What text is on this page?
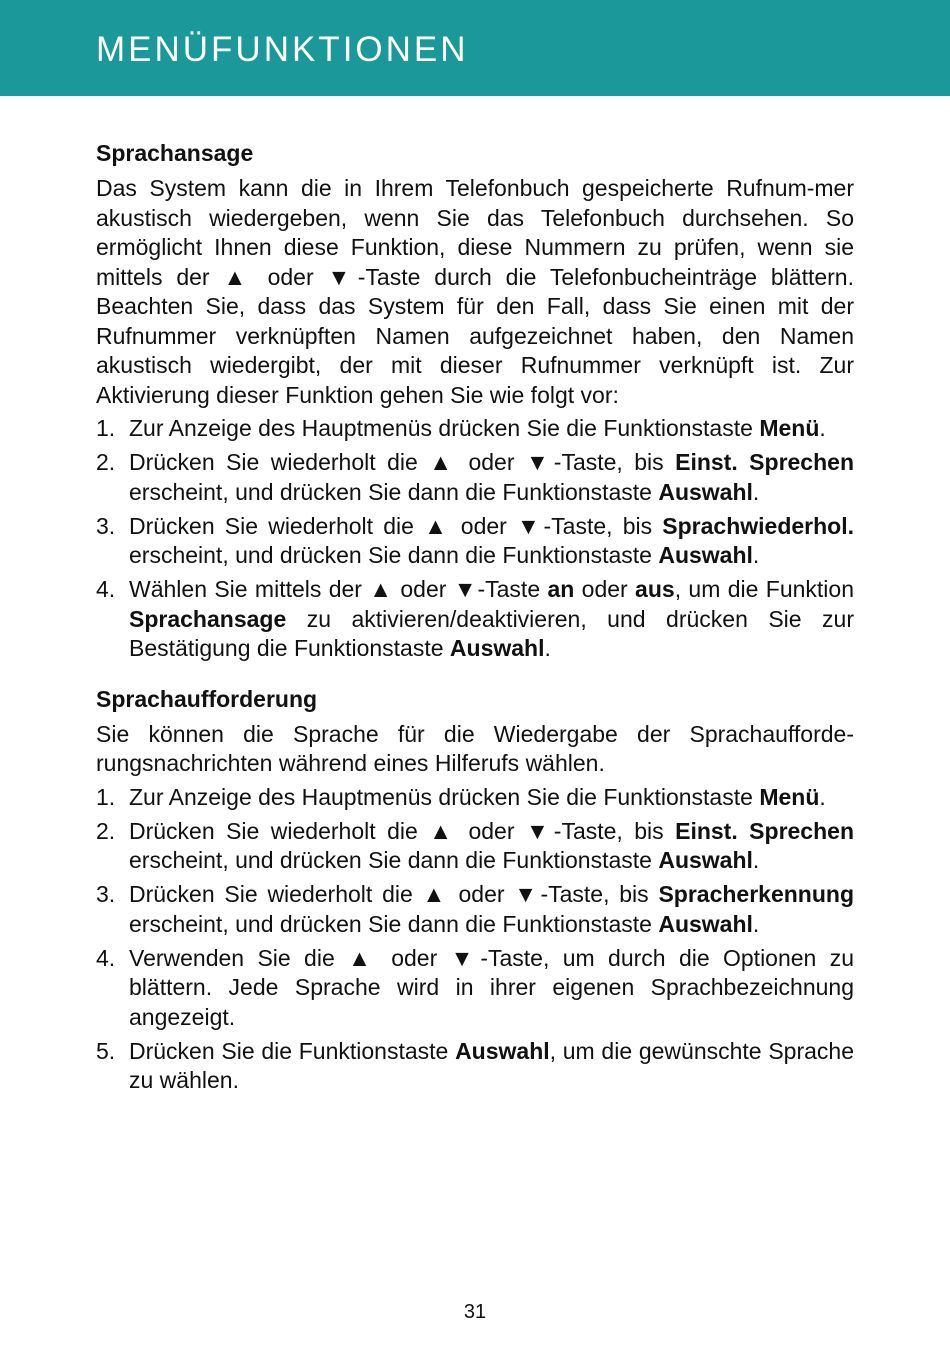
MENÜFUNKTIONEN
Sprachansage

Das System kann die in Ihrem Telefonbuch gespeicherte Rufnum-mer akustisch wiedergeben, wenn Sie das Telefonbuch durchsehen. So ermöglicht Ihnen diese Funktion, diese Nummern zu prüfen, wenn sie mittels der ▲ oder ▼-Taste durch die Telefonbucheinträge blättern. Beachten Sie, dass das System für den Fall, dass Sie einen mit der Rufnummer verknüpften Namen aufgezeichnet haben, den Namen akustisch wiedergibt, der mit dieser Rufnummer verknüpft ist. Zur Aktivierung dieser Funktion gehen Sie wie folgt vor:

1. Zur Anzeige des Hauptmenüs drücken Sie die Funktionstaste Menü.
2. Drücken Sie wiederholt die ▲ oder ▼-Taste, bis Einst. Sprechen erscheint, und drücken Sie dann die Funktionstaste Auswahl.
3. Drücken Sie wiederholt die ▲ oder ▼-Taste, bis Sprachwiederhol. erscheint, und drücken Sie dann die Funktionstaste Auswahl.
4. Wählen Sie mittels der ▲ oder ▼-Taste an oder aus, um die Funktion Sprachansage zu aktivieren/deaktivieren, und drücken Sie zur Bestätigung die Funktionstaste Auswahl.
Sprachaufforderung

Sie können die Sprache für die Wiedergabe der Sprachaufforde-rungsnachrichten während eines Hilferufs wählen.

1. Zur Anzeige des Hauptmenüs drücken Sie die Funktionstaste Menü.
2. Drücken Sie wiederholt die ▲ oder ▼-Taste, bis Einst. Sprechen erscheint, und drücken Sie dann die Funktionstaste Auswahl.
3. Drücken Sie wiederholt die ▲ oder ▼-Taste, bis Spracherkennung erscheint, und drücken Sie dann die Funktionstaste Auswahl.
4. Verwenden Sie die ▲ oder ▼-Taste, um durch die Optionen zu blättern. Jede Sprache wird in ihrer eigenen Sprachbezeichnung angezeigt.
5. Drücken Sie die Funktionstaste Auswahl, um die gewünschte Sprache zu wählen.
31
